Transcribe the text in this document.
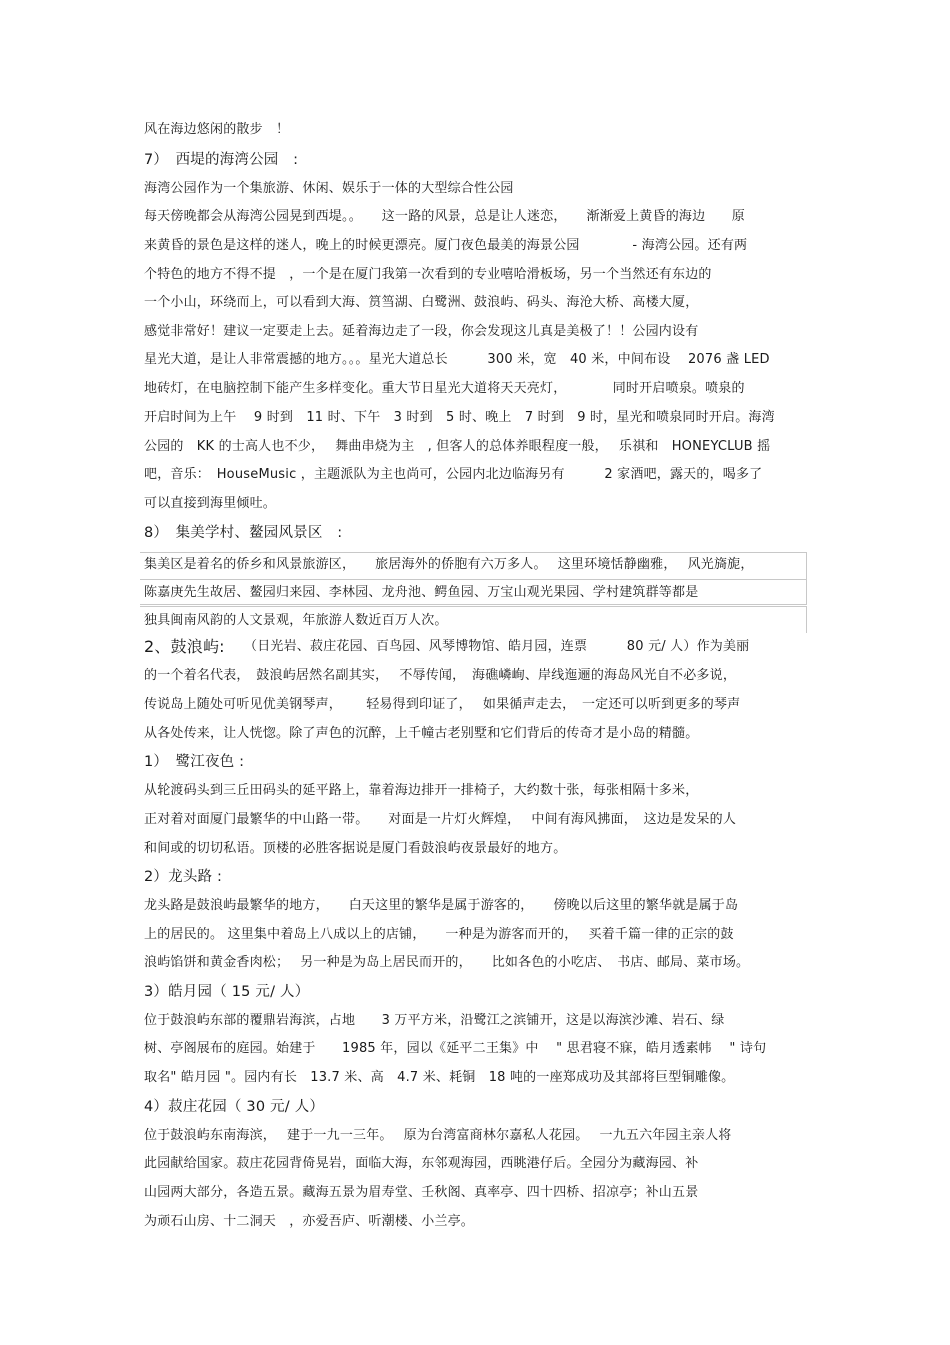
风在海边悠闲的散步　！
7）　西堤的海湾公园　:
海湾公园作为一个集旅游、休闲、娱乐于一体的大型综合性公园
每天傍晚都会从海湾公园晃到西堤。。　　这一路的风景，总是让人迷恋，　　渐渐爱上黄昏的海边　　原
来黄昏的景色是这样的迷人，晚上的时候更漂亮。厦门夜色最美的海景公园　　　　- 海湾公园。还有两
个特色的地方不得不提　，一个是在厦门我第一次看到的专业嘻哈滑板场，另一个当然还有东边的
一个小山，环绕而上，可以看到大海、筼筜湖、白鹭洲、鼓浪屿、码头、海沧大桥、高楼大厦，
感觉非常好！建议一定要走上去。延着海边走了一段，你会发现这儿真是美极了！！公园内设有
星光大道，是让人非常震撼的地方。。。星光大道总长　　　300 米，宽　40 米，中间布设　 2076 盏 LED
地砖灯，在电脑控制下能产生多样变化。重大节日星光大道将天天亮灯，　　　　同时开启喷泉。喷泉的
开启时间为上午　 9 时到　11 时、下午　3 时到　5 时、晚上　7 时到　9 时，星光和喷泉同时开启。海湾
公园的　KK 的士高人也不少，　 舞曲串烧为主　, 但客人的总体养眼程度一般，　 乐祺和　HONEYCLUB 摇
吧，音乐：　HouseMusic ，主题派队为主也尚可，公园内北边临海另有　　　2 家酒吧，露天的，喝多了
可以直接到海里倾吐。
8）　集美学村、鳌园风景区　:
集美区是着名的侨乡和风景旅游区，　　旅居海外的侨胞有六万多人。　 这里环境恬静幽雅，　 风光旖旎，
陈嘉庚先生故居、鳌园归来园、李林园、龙舟池、鳄鱼园、万宝山观光果园、学村建筑群等都是
独具闽南风韵的人文景观，年旅游人数近百万人次。
2、鼓浪屿: （日光岩、菽庄花园、百鸟园、风琴博物馆、皓月园，连票　　　80 元/ 人）作为美丽
的一个着名代表，　鼓浪屿居然名副其实，　 不辱传闻，　海礁嶙峋、岸线迤逦的海岛风光自不必多说，
传说岛上随处可听见优美钢琴声，　　 轻易得到印证了，　 如果循声走去，　一定还可以听到更多的琴声
从各处传来，让人恍惚。除了声色的沉醉，上千幢古老别墅和它们背后的传奇才是小岛的精髓。
1）　鹭江夜色 :
从轮渡码头到三丘田码头的延平路上，靠着海边排开一排椅子，大约数十张，每张相隔十多米，
正对着对面厦门最繁华的中山路一带。　　对面是一片灯火辉煌，　 中间有海风拂面，　这边是发呆的人
和间或的切切私语。顶楼的必胜客据说是厦门看鼓浪屿夜景最好的地方。
2）龙头路 :
龙头路是鼓浪屿最繁华的地方，　　白天这里的繁华是属于游客的，　　傍晚以后这里的繁华就是属于岛
上的居民的。 这里集中着岛上八成以上的店铺，　　一种是为游客而开的，　 买着千篇一律的正宗的鼓
浪屿馅饼和黄金香肉松；　 另一种是为岛上居民而开的，　　比如各色的小吃店、　书店、邮局、菜市场。
3）皓月园（ 15 元/ 人）
位于鼓浪屿东部的覆鼎岩海滨，占地　　3 万平方米，沿鹭江之滨铺开，这是以海滨沙滩、岩石、绿
树、亭阁展布的庭园。始建于　　1985 年，园以《延平二王集》中　 " 思君寝不寐，皓月透素帏　 " 诗句
取名" 皓月园 "。园内有长　13.7 米、高　4.7 米、耗铜　18 吨的一座郑成功及其部将巨型铜雕像。
4）菽庄花园（ 30 元/ 人）
位于鼓浪屿东南海滨，　 建于一九一三年。　 原为台湾富商林尔嘉私人花园。　 一九五六年园主亲人将
此园献给国家。菽庄花园背倚晃岩，面临大海，东邻观海园，西眺港仔后。全园分为藏海园、补
山园两大部分，各造五景。藏海五景为眉寿堂、壬秋阁、真率亭、四十四桥、招凉亭；补山五景
为顽石山房、十二洞天　，亦爱吾庐、听潮楼、小兰亭。
